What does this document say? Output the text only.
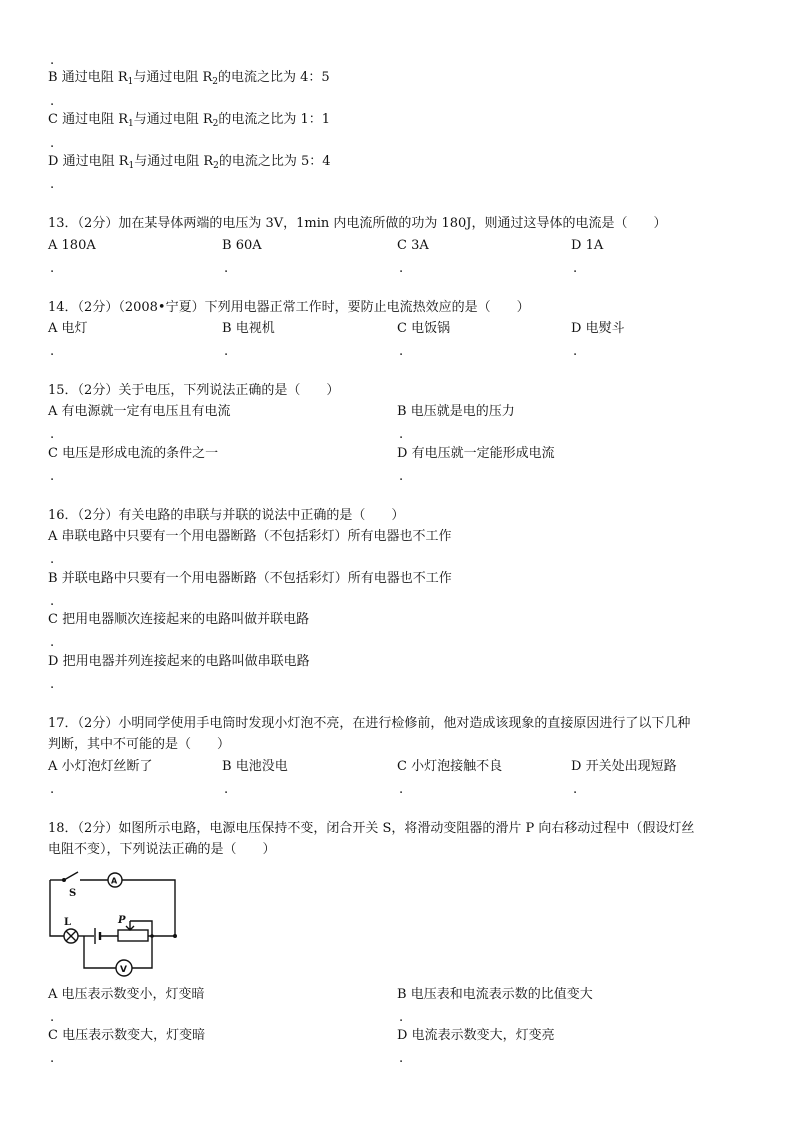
.
B 通过电阻 $R_1$与通过电阻 $R_2$的电流之比为 4：5
.
C 通过电阻 $R_1$与通过电阻 $R_2$的电流之比为 1：1
.
D 通过电阻 $R_1$与通过电阻 $R_2$的电流之比为 5：4
.
13．（2分）加在某导体两端的电压为 3V，1min 内电流所做的功为 180J，则通过这导体的电流是（　　）
A 180A	B 60A	C 3A	D 1A
.	.	.	.
14．（2分）（2008•宁夏）下列用电器正常工作时，要防止电流热效应的是（　　）
A 电灯	B 电视机	C 电饭锅	D 电熨斗
.	.	.	.
15．（2分）关于电压，下列说法正确的是（　　）
A 有电源就一定有电压且有电流	B 电压就是电的压力
.	.
C 电压是形成电流的条件之一	D 有电压就一定能形成电流
.	.
16．（2分）有关电路的串联与并联的说法中正确的是（　　）
A 串联电路中只要有一个用电器断路（不包括彩灯）所有电器也不工作
.
B 并联电路中只要有一个用电器断路（不包括彩灯）所有电器也不工作
.
C 把用电器顺次连接起来的电路叫做并联电路
.
D 把用电器并列连接起来的电路叫做串联电路
.
17．（2分）小明同学使用手电筒时发现小灯泡不亮，在进行检修前，他对造成该现象的直接原因进行了以下几种
判断，其中不可能的是（　　）
A 小灯泡灯丝断了	B 电池没电	C 小灯泡接触不良	D 开关处出现短路
.	.	.	.
18．（2分）如图所示电路，电源电压保持不变，闭合开关 S，将滑动变阻器的滑片 P 向右移动过程中（假设灯丝
电阻不变），下列说法正确的是（　　）
S
A
L	P
V
A 电压表示数变小，灯变暗	B 电压表和电流表示数的比值变大
.	.
C 电压表示数变大，灯变暗	D 电流表示数变大，灯变亮
.	.
